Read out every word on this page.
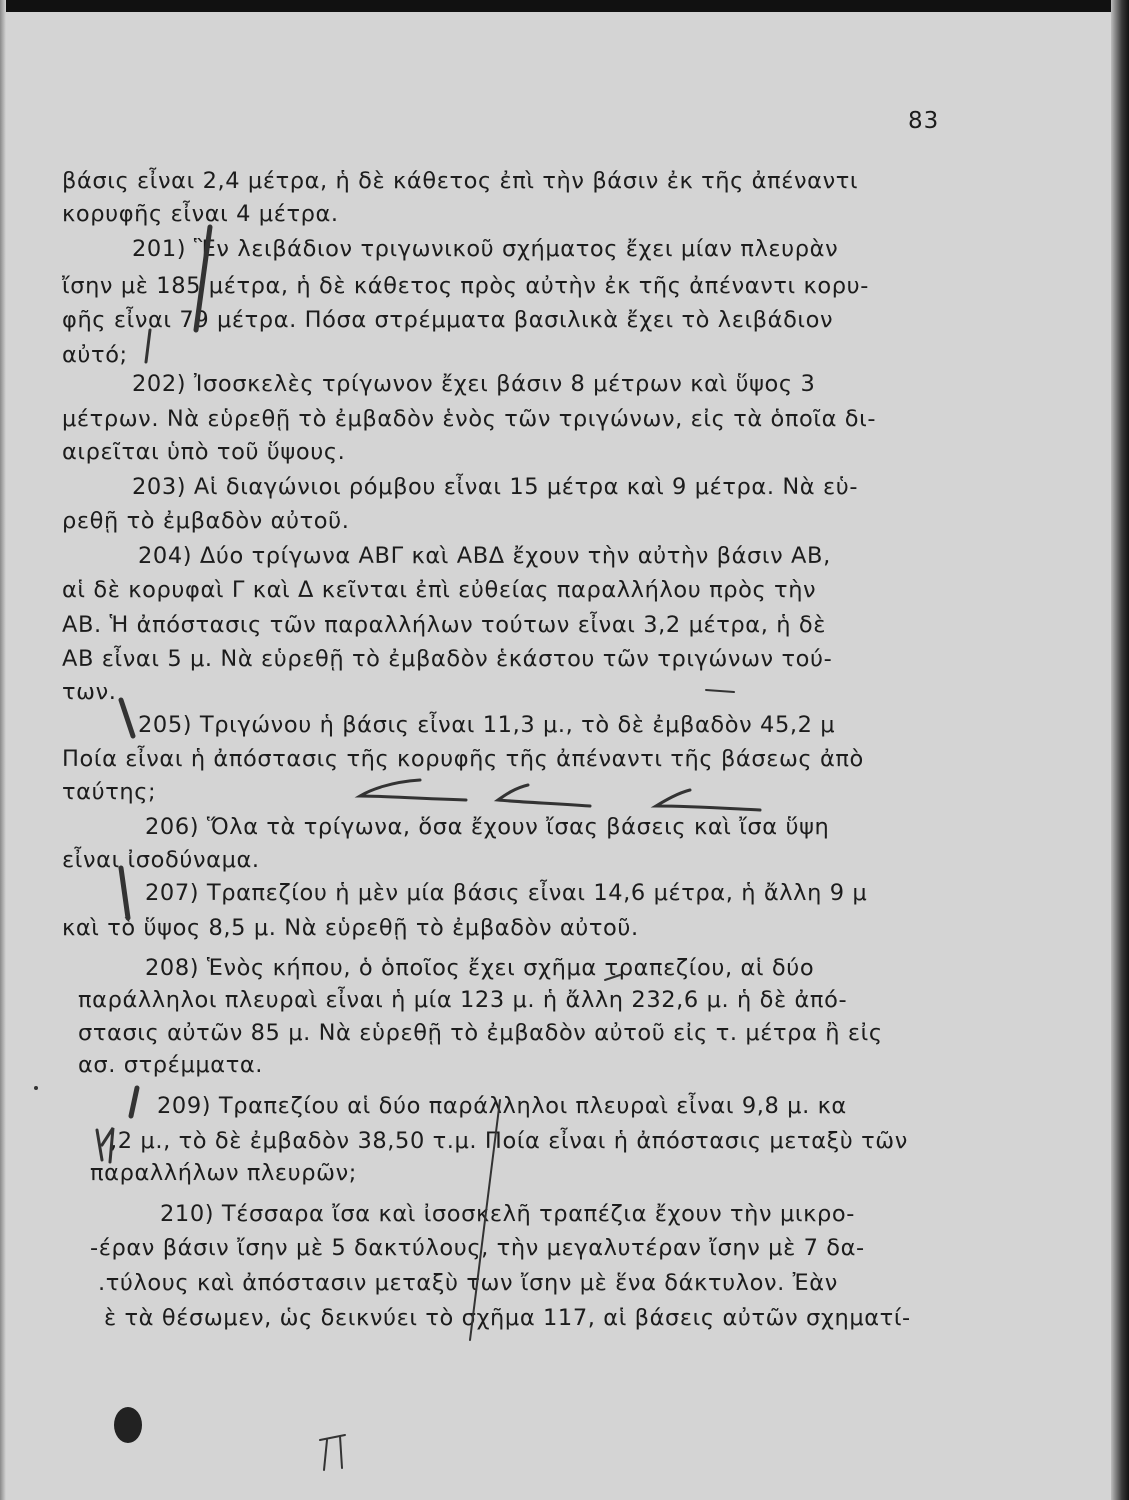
83
βάσις εἶναι 2,4 μέτρα, ἡ δὲ κάθετος ἐπὶ τὴν βάσιν ἐκ τῆς ἀπέναντι
κορυφῆς εἶναι 4 μέτρα.
201) Ἓν λειβάδιον τριγωνικοῦ σχήματος ἔχει μίαν πλευρὰν
ἴσην μὲ 185 μέτρα, ἡ δὲ κάθετος πρὸς αὐτὴν ἐκ τῆς ἀπέναντι κορυ-
φῆς εἶναι 79 μέτρα. Πόσα στρέμματα βασιλικὰ ἔχει τὸ λειβάδιον
αὐτό;
202) Ἰσοσκελὲς τρίγωνον ἔχει βάσιν 8 μέτρων καὶ ὕψος 3
μέτρων. Νὰ εὑρεθῇ τὸ ἐμβαδὸν ἑνὸς τῶν τριγώνων, εἰς τὰ ὁποῖα δι-
αιρεῖται ὑπὸ τοῦ ὕψους.
203) Αἱ διαγώνιοι ρόμβου εἶναι 15 μέτρα καὶ 9 μέτρα. Νὰ εὑ-
ρεθῇ τὸ ἐμβαδὸν αὐτοῦ.
204) Δύο τρίγωνα ΑΒΓ καὶ ΑΒΔ ἔχουν τὴν αὐτὴν βάσιν ΑΒ,
αἱ δὲ κορυφαὶ Γ καὶ Δ κεῖνται ἐπὶ εὐθείας παραλλήλου πρὸς τὴν
ΑΒ. Ἡ ἀπόστασις τῶν παραλλήλων τούτων εἶναι 3,2 μέτρα, ἡ δὲ
ΑΒ εἶναι 5 μ. Νὰ εὑρεθῇ τὸ ἐμβαδὸν ἑκάστου τῶν τριγώνων τού-
των.
205) Τριγώνου ἡ βάσις εἶναι 11,3 μ., τὸ δὲ ἐμβαδὸν 45,2 μ
Ποία εἶναι ἡ ἀπόστασις τῆς κορυφῆς τῆς ἀπέναντι τῆς βάσεως ἀπὸ
ταύτης;
206) Ὅλα τὰ τρίγωνα, ὅσα ἔχουν ἴσας βάσεις καὶ ἴσα ὕψη
εἶναι ἰσοδύναμα.
207) Τραπεζίου ἡ μὲν μία βάσις εἶναι 14,6 μέτρα, ἡ ἄλλη 9 μ
καὶ τὸ ὕψος 8,5 μ. Νὰ εὑρεθῇ τὸ ἐμβαδὸν αὐτοῦ.
208) Ἑνὸς κήπου, ὁ ὁποῖος ἔχει σχῆμα τραπεζίου, αἱ δύο
παράλληλοι πλευραὶ εἶναι ἡ μία 123 μ. ἡ ἄλλη 232,6 μ. ἡ δὲ ἀπό-
στασις αὐτῶν 85 μ. Νὰ εὑρεθῇ τὸ ἐμβαδὸν αὐτοῦ εἰς τ. μέτρα ἢ εἰς
ασ. στρέμματα.
209) Τραπεζίου αἱ δύο παράλληλοι πλευραὶ εἶναι 9,8 μ. κα
,2 μ., τὸ δὲ ἐμβαδὸν 38,50 τ.μ. Ποία εἶναι ἡ ἀπόστασις μεταξὺ τῶν
παραλλήλων πλευρῶν;
210) Τέσσαρα ἴσα καὶ ἰσοσκελῆ τραπέζια ἔχουν τὴν μικρο-
-έραν βάσιν ἴσην μὲ 5 δακτύλους, τὴν μεγαλυτέραν ἴσην μὲ 7 δα-
.τύλους καὶ ἀπόστασιν μεταξὺ των ἴσην μὲ ἕνα δάκτυλον. Ἐὰν
ὲ τὰ θέσωμεν, ὡς δεικνύει τὸ σχῆμα 117, αἱ βάσεις αὐτῶν σχηματί-
